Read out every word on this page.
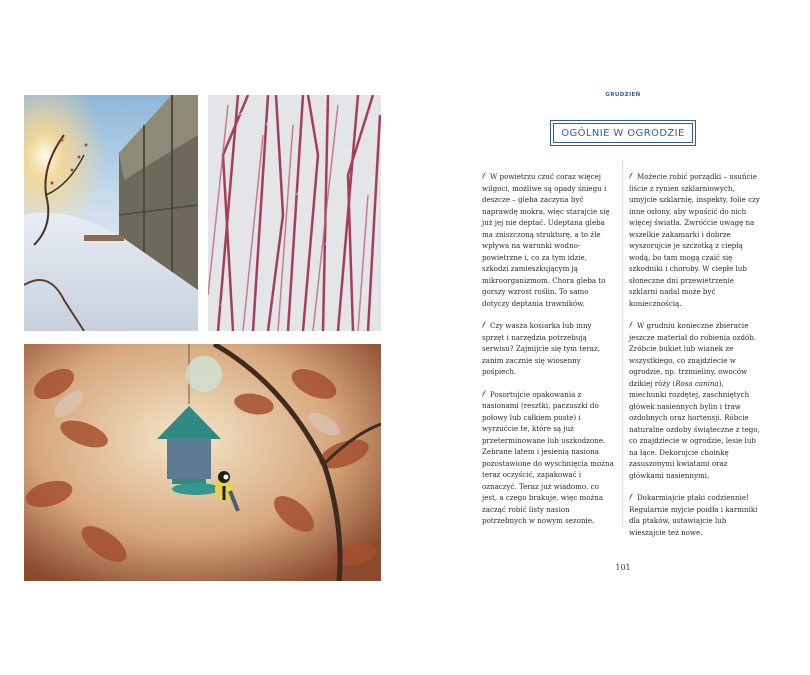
GRUDZIEŃ
OGÓLNIE W OGRODZIE

W powietrzu czuć coraz więcej wilgoci, możliwe są opady śniegu i deszcze – gleba zaczyna być naprawdę mokra, więc starajcie się już jej nie deptać. Udeptana gleba ma zniszczoną strukturę, a to źle wpływa na warunki wodno-powietrzne i, co za tym idzie, szkodzi zamieszkującym ją mikroorganizmom. Chora gleba to gorszy wzrost roślin. To samo dotyczy deptania trawników.

Czy wasza kosiarka lub inny sprzęt i narzędzia potrzebują serwisu? Zajmijcie się tym teraz, zanim zacznie się wiosenny pośpiech.

Posortujcie opakowania z nasionami (resztki, paczuszki do połowy lub całkiem puste) i wyrzućcie te, które są już przeterminowane lub uszkodzone. Zebrane latem i jesienią nasiona pozostawione do wyschnięcia można teraz oczyścić, zapakować i oznaczyć. Teraz już wiadomo, co jest, a czego brakuje, więc można zacząć robić listy nasion potrzebnych w nowym sezonie.

Możecie robić porządki – usuńcie liście z rynien szklarniowych, umyjcie szklarnię, inspekty, folie czy inne osłony, aby wpuścić do nich więcej światła. Zwróćcie uwagę na wszelkie zakamarki i dobrze wyszorujcie je szczotką z ciepłą wodą, bo tam mogą czaić się szkodniki i choroby. W ciepłe lub słoneczne dni przewietrzenie szklarni nadal może być koniecznością.

W grudniu konieczne zbieracie jeszcze materiał do robienia ozdób. Zróbcie bukiet lub wianek ze wszystkiego, co znajdziecie w ogrodzie, np. trzmieliny, owoców dzikiej róży (Rosa canina), miechunki rozdętej, zaschniętych główek nasiennych bylin i traw ozdobnych oraz hortensji. Róbcie naturalne ozdoby świąteczne z tego, co znajdziecie w ogrodzie, lesie lub na łące. Dekorujcie choinkę zasuszonymi kwiatami oraz główkami nasiennymi.

Dokarmiajcie ptaki codziennie! Regularnie myjcie poidła i karmniki dla ptaków, ustawiajcie lub wieszajcie też nowe.

101
